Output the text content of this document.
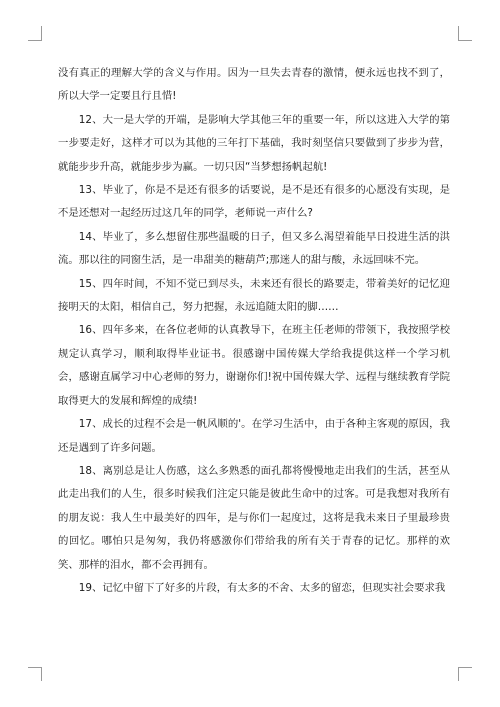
没有真正的理解大学的含义与作用。因为一旦失去青春的激情，便永远也找不到了，所以大学一定要且行且惜!

12、大一是大学的开端，是影响大学其他三年的重要一年，所以这进入大学的第一步要走好，这样才可以为其他的三年打下基础，我时刻坚信只要做到了步步为营，就能步步升高，就能步步为赢。一切只因“当梦想扬帆起航!

13、毕业了，你是不是还有很多的话要说，是不是还有很多的心愿没有实现，是不是还想对一起经历过这几年的同学，老师说一声什么?

14、毕业了，多么想留住那些温暖的日子，但又多么渴望着能早日投进生活的洪流。那以往的同窗生活，是一串甜美的糖葫芦;那迷人的甜与酸，永远回味不完。

15、四年时间，不知不觉已到尽头，未来还有很长的路要走，带着美好的记忆迎接明天的太阳，相信自己，努力把握，永远追随太阳的脚……

16、四年多来，在各位老师的认真教导下，在班主任老师的带领下，我按照学校规定认真学习，顺利取得毕业证书。很感谢中国传媒大学给我提供这样一个学习机会，感谢直属学习中心老师的努力，谢谢你们!祝中国传媒大学、远程与继续教育学院取得更大的发展和辉煌的成绩!

17、成长的过程不会是一帆风顺的'。在学习生活中，由于各种主客观的原因，我还是遇到了许多问题。

18、离别总是让人伤感，这么多熟悉的面孔都将慢慢地走出我们的生活，甚至从此走出我们的人生，很多时候我们注定只能是彼此生命中的过客。可是我想对我所有的朋友说：我人生中最美好的四年，是与你们一起度过，这将是我未来日子里最珍贵的回忆。哪怕只是匆匆，我仍将感激你们带给我的所有关于青春的记忆。那样的欢笑、那样的泪水，都不会再拥有。

19、记忆中留下了好多的片段，有太多的不舍、太多的留恋，但现实社会要求我
